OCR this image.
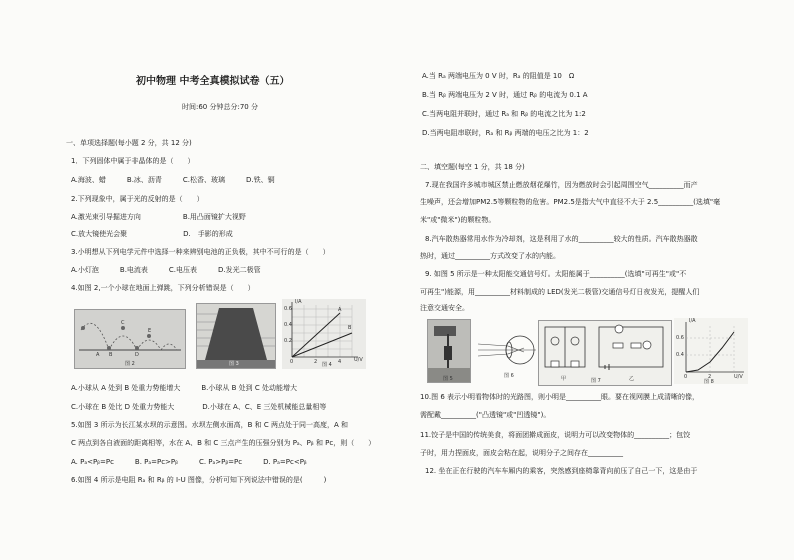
初中物理 中考全真模拟试卷（五）
时间:60 分钟总分:70 分
一、单项选择题(每小题 2 分，共 12 分)
1．下列固体中属于非晶体的是（　　）
A.海波、蜡　　　B.冰、沥青　　　C.松香、玻璃　　　D.铁、铜
2.下列现象中，属于光的反射的是（　　）
A.激光束引导掘进方向　　　　　　B.用凸面镜扩大视野
C.放大镜使光会聚　　　　　　　　D.　手影的形成
3.小明想从下列电学元件中选择一种来辨别电池的正负极，其中不可行的是（　　）
A.小灯泡　　　B.电流表　　　C.电压表　　　D.发光二极管
4.如图 2,一个小球在地面上弹跳，下列分析错误是（　　）
A B
C
D
E
图 2	图 3
I/A
U/V
A
B
0.6
0.4
0.2
0	2	4
图 4
A.小球从 A 处到 B 处重力势能增大　　　B.小球从 B 处到 C 处动能增大
C.小球在 B 处比 D 处重力势能大　　　　D.小球在 A、C、E 三处机械能总量相等
5.如图 3 所示为长江某水坝的示意图。水坝左侧水面高，B 和 C 两点处于同一高度，A 和
C 两点到各自液面的距离相等，水在 A、B 和 C 三点产生的压强分别为 Pₐ、Pᵦ 和 Pᴄ，则（　　）
A. Pₐ<Pᵦ=Pᴄ　　　B. Pₐ=Pᴄ>Pᵦ　　　C. Pₐ>Pᵦ=Pᴄ　　　D. Pₐ=Pᴄ<Pᵦ
6.如图 4 所示是电阻 Rₐ 和 Rᵦ 的 I-U 图像，分析可知下列说法中错误的是(　　　)
A.当 Rₐ 两端电压为 0 V 时，Rₐ 的阻值是 10　Ω
B.当 Rᵦ 两端电压为 2 V 时，通过 Rᵦ 的电流为 0.1 A
C.当两电阻并联时，通过 Rₐ 和 Rᵦ 的电流之比为 1:2
D.当两电阻串联时，Rₐ 和 Rᵦ 两端的电压之比为 1：2
二、填空题(每空 1 分，共 18 分)
7.现在我国许多城市城区禁止燃放烟花爆竹，因为燃放时会引起周围空气__________而产
生噪声，还会增加PM2.5等颗粒物的危害。PM2.5是指大气中直径不大于 2.5__________(选填"毫
米"或"微米")的颗粒物。
8.汽车散热器常用水作为冷却剂，这是利用了水的__________较大的性质。汽车散热器散
热时，通过__________方式改变了水的内能。
9. 如图 5 所示是一种太阳能交通信号灯。太阳能属于__________(选填"可再生"或"不
可再生")能源，用__________材料制成的 LED(发光二极管)交通信号灯日夜发光，提醒人们
注意交通安全。
图 5	图 6	甲	图 7	乙
I/A
U/V
0.6
0.4
0	2
图 8
10.图 6 表示小明看物体时的光路图，则小明是__________眼。要在视网膜上成清晰的像，
需配戴__________("凸透镜"或"凹透镜")。
11.饺子是中国的传统美食，将面团擀成面皮，说明力可以改变物体的__________；包饺
子时，用力捏面皮，面皮会粘在起，说明分子之间存在__________
12. 坐在正在行驶的汽车车厢内的乘客，突然感到座椅靠背向前压了自己一下，这是由于
